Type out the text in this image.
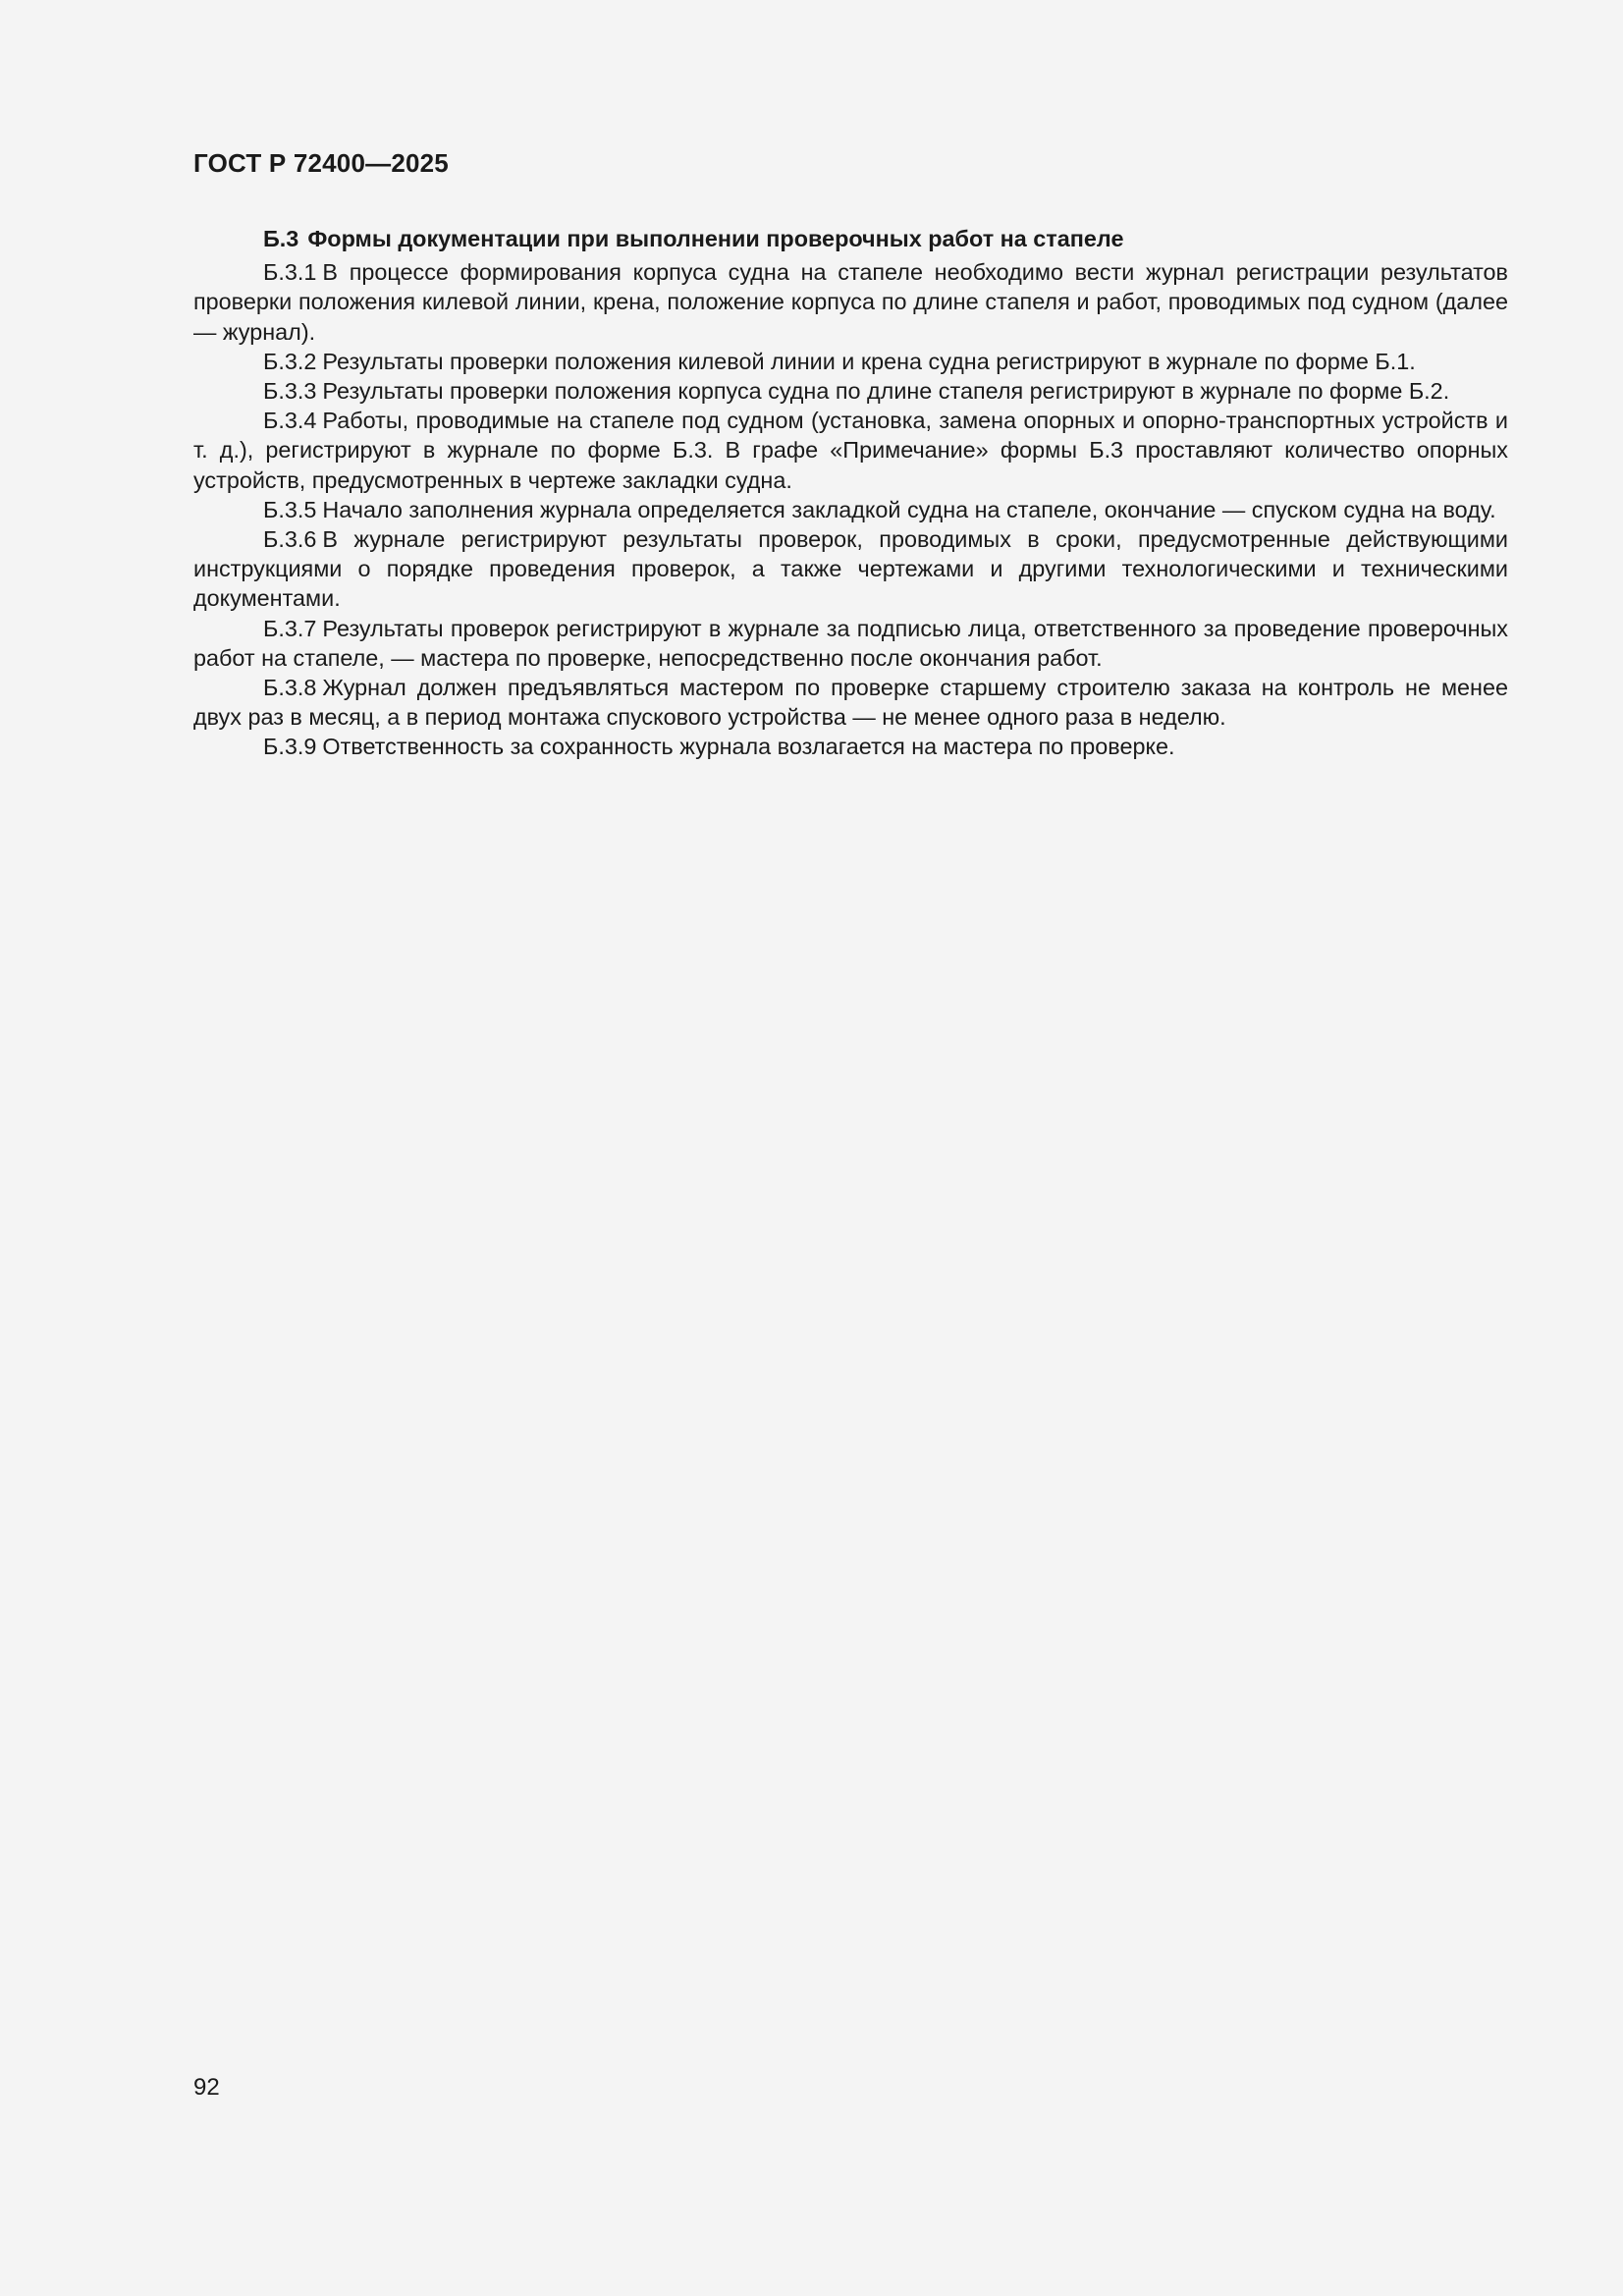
ГОСТ Р 72400—2025

Б.3 Формы документации при выполнении проверочных работ на стапеле

Б.3.1 В процессе формирования корпуса судна на стапеле необходимо вести журнал регистрации результатов проверки положения килевой линии, крена, положение корпуса по длине стапеля и работ, проводимых под судном (далее — журнал).

Б.3.2 Результаты проверки положения килевой линии и крена судна регистрируют в журнале по форме Б.1.

Б.3.3 Результаты проверки положения корпуса судна по длине стапеля регистрируют в журнале по форме Б.2.

Б.3.4 Работы, проводимые на стапеле под судном (установка, замена опорных и опорно-транспортных устройств и т. д.), регистрируют в журнале по форме Б.3. В графе «Примечание» формы Б.3 проставляют количество опорных устройств, предусмотренных в чертеже закладки судна.

Б.3.5 Начало заполнения журнала определяется закладкой судна на стапеле, окончание — спуском судна на воду.

Б.3.6 В журнале регистрируют результаты проверок, проводимых в сроки, предусмотренные действующими инструкциями о порядке проведения проверок, а также чертежами и другими технологическими и техническими документами.

Б.3.7 Результаты проверок регистрируют в журнале за подписью лица, ответственного за проведение проверочных работ на стапеле, — мастера по проверке, непосредственно после окончания работ.

Б.3.8 Журнал должен предъявляться мастером по проверке старшему строителю заказа на контроль не менее двух раз в месяц, а в период монтажа спускового устройства — не менее одного раза в неделю.

Б.3.9 Ответственность за сохранность журнала возлагается на мастера по проверке.

92
